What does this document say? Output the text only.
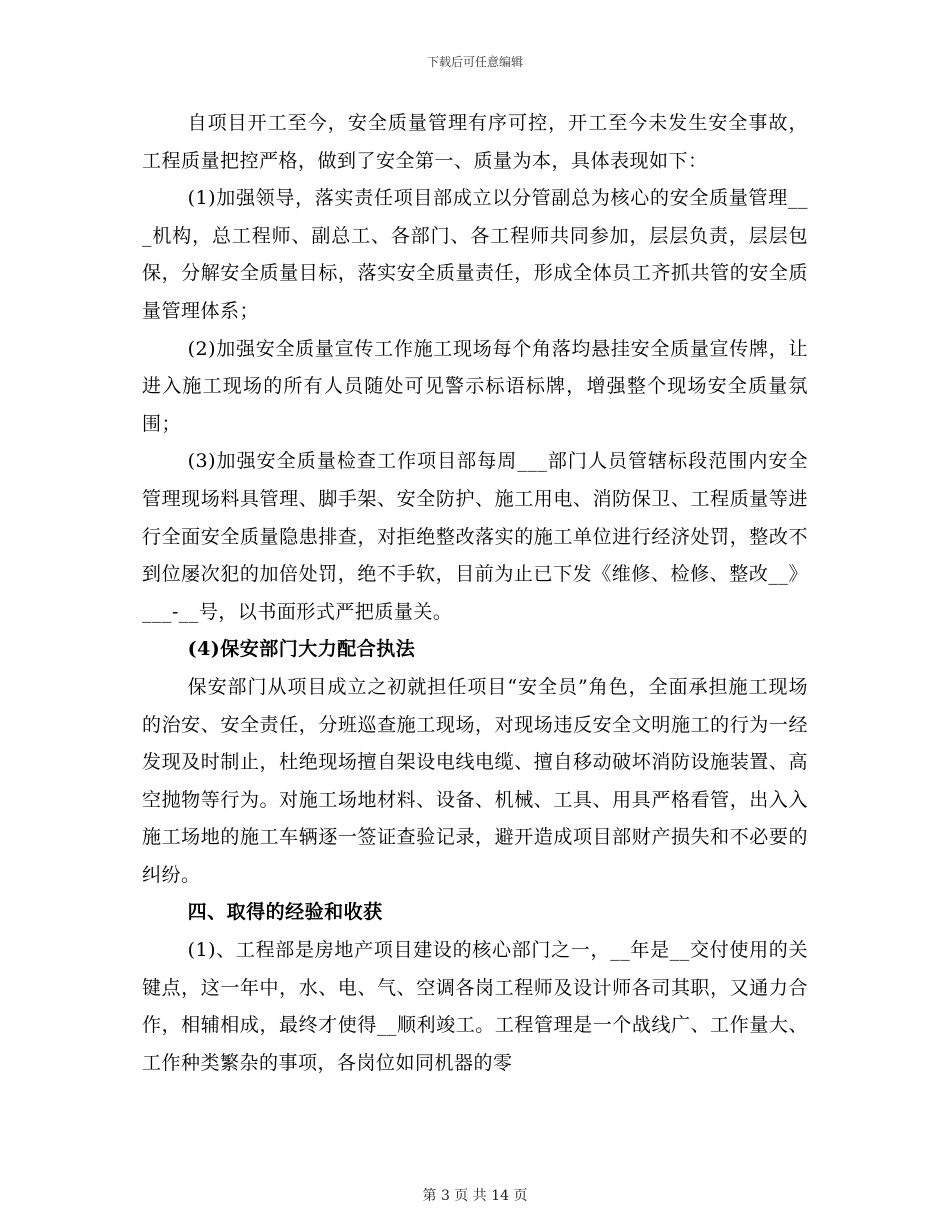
下载后可任意编辑

自项目开工至今，安全质量管理有序可控，开工至今未发生安全事故，工程质量把控严格，做到了安全第一、质量为本，具体表现如下：

(1)加强领导，落实责任项目部成立以分管副总为核心的安全质量管理___机构，总工程师、副总工、各部门、各工程师共同参加，层层负责，层层包保，分解安全质量目标，落实安全质量责任，形成全体员工齐抓共管的安全质量管理体系；

(2)加强安全质量宣传工作施工现场每个角落均悬挂安全质量宣传牌，让进入施工现场的所有人员随处可见警示标语标牌，增强整个现场安全质量氛围；

(3)加强安全质量检查工作项目部每周___部门人员管辖标段范围内安全管理现场料具管理、脚手架、安全防护、施工用电、消防保卫、工程质量等进行全面安全质量隐患排查，对拒绝整改落实的施工单位进行经济处罚，整改不到位屡次犯的加倍处罚，绝不手软，目前为止已下发《维修、检修、整改__》___-__号，以书面形式严把质量关。

(4)保安部门大力配合执法

保安部门从项目成立之初就担任项目“安全员”角色，全面承担施工现场的治安、安全责任，分班巡查施工现场，对现场违反安全文明施工的行为一经发现及时制止，杜绝现场擅自架设电线电缆、擅自移动破坏消防设施装置、高空抛物等行为。对施工场地材料、设备、机械、工具、用具严格看管，出入入施工场地的施工车辆逐一签证查验记录，避开造成项目部财产损失和不必要的纠纷。

四、取得的经验和收获

(1)、工程部是房地产项目建设的核心部门之一，__年是__交付使用的关键点，这一年中，水、电、气、空调各岗工程师及设计师各司其职，又通力合作，相辅相成，最终才使得__顺利竣工。工程管理是一个战线广、工作量大、工作种类繁杂的事项，各岗位如同机器的零

第 3 页 共 14 页
